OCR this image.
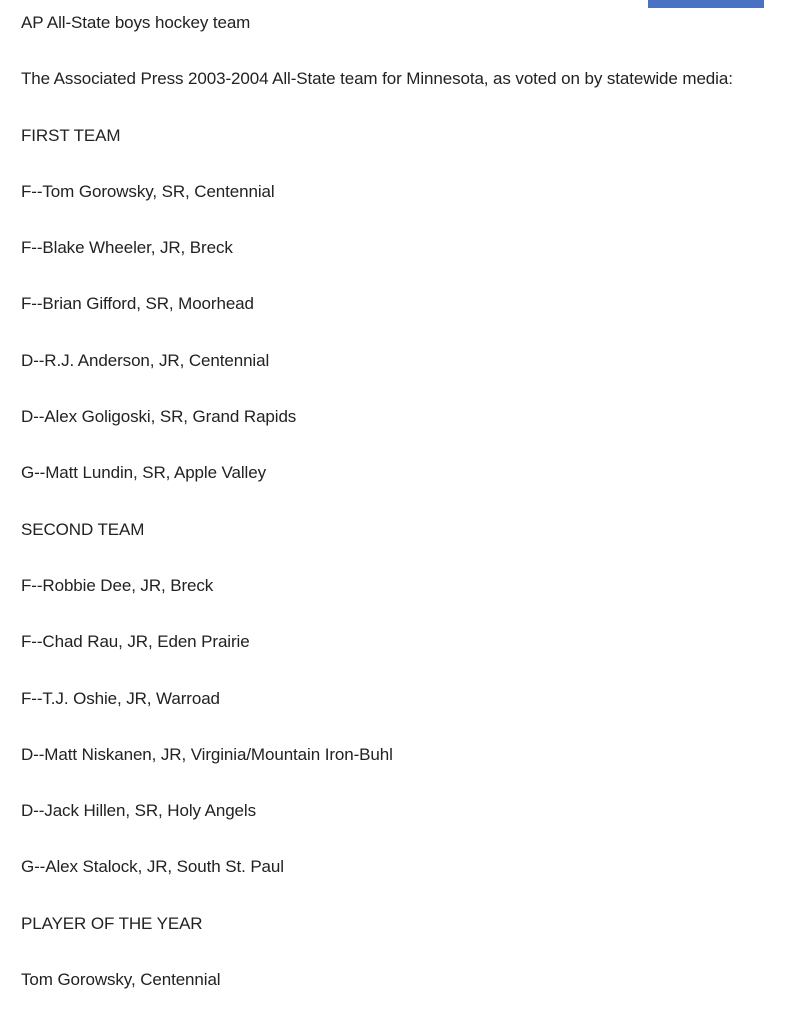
AP All-State boys hockey team
The Associated Press 2003-2004 All-State team for Minnesota, as voted on by statewide media:
FIRST TEAM
F--Tom Gorowsky, SR, Centennial
F--Blake Wheeler, JR, Breck
F--Brian Gifford, SR, Moorhead
D--R.J. Anderson, JR, Centennial
D--Alex Goligoski, SR, Grand Rapids
G--Matt Lundin, SR, Apple Valley
SECOND TEAM
F--Robbie Dee, JR, Breck
F--Chad Rau, JR, Eden Prairie
F--T.J. Oshie, JR, Warroad
D--Matt Niskanen, JR, Virginia/Mountain Iron-Buhl
D--Jack Hillen, SR, Holy Angels
G--Alex Stalock, JR, South St. Paul
PLAYER OF THE YEAR
Tom Gorowsky, Centennial
